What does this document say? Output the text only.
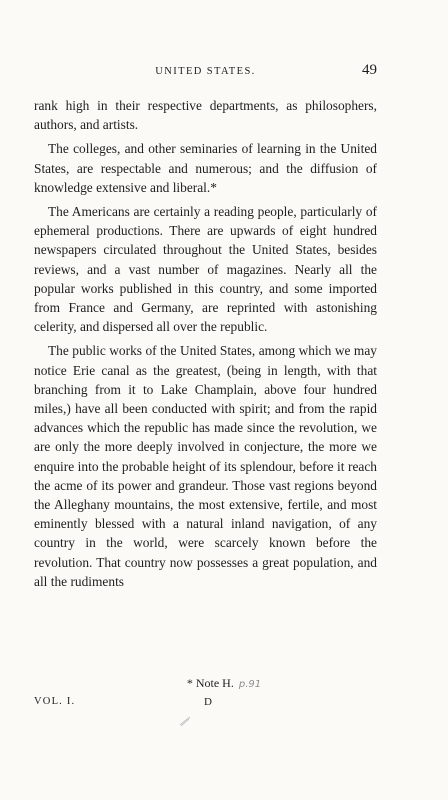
UNITED STATES.	49

rank high in their respective departments, as philosophers, authors, and artists.

The colleges, and other seminaries of learning in the United States, are respectable and numerous; and the diffusion of knowledge extensive and liberal.*

The Americans are certainly a reading people, particularly of ephemeral productions. There are upwards of eight hundred newspapers circulated throughout the United States, besides reviews, and a vast number of magazines. Nearly all the popular works published in this country, and some imported from France and Germany, are reprinted with astonishing celerity, and dispersed all over the republic.

The public works of the United States, among which we may notice Erie canal as the greatest, (being in length, with that branching from it to Lake Champlain, above four hundred miles,) have all been conducted with spirit; and from the rapid advances which the republic has made since the revolution, we are only the more deeply involved in conjecture, the more we enquire into the probable height of its splendour, before it reach the acme of its power and grandeur. Those vast regions beyond the Alleghany mountains, the most extensive, fertile, and most eminently blessed with a natural inland navigation, of any country in the world, were scarcely known before the revolution. That country now possesses a great population, and all the rudiments

* Note H. p.91
VOL. I.	D
